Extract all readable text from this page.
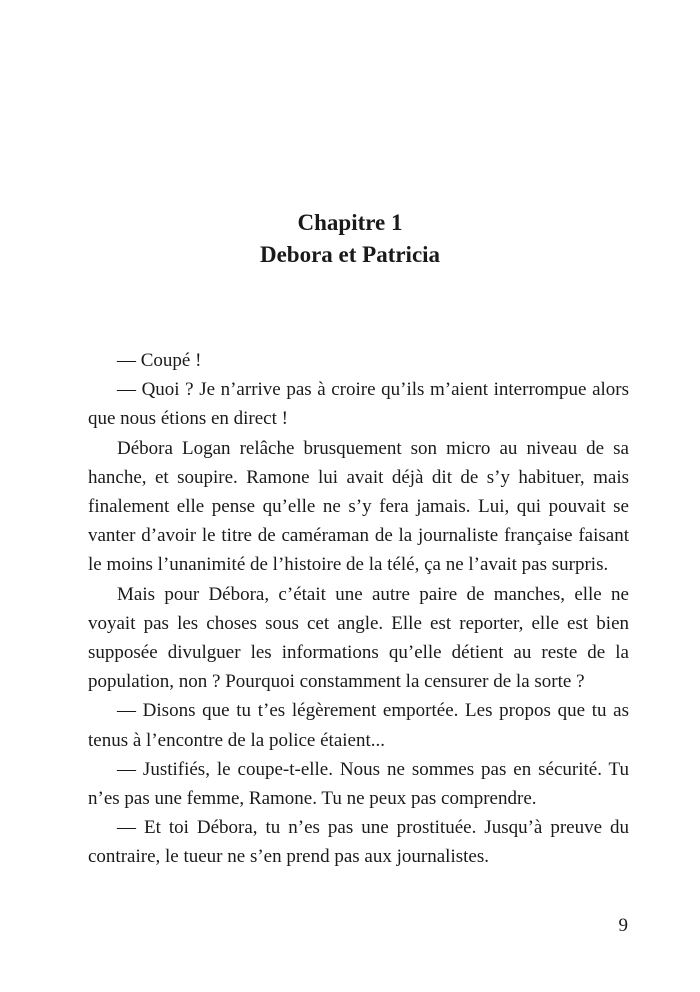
Chapitre 1
Debora et Patricia

— Coupé !

— Quoi ? Je n’arrive pas à croire qu’ils m’aient interrompue alors que nous étions en direct !

Débora Logan relâche brusquement son micro au niveau de sa hanche, et soupire. Ramone lui avait déjà dit de s’y habituer, mais finalement elle pense qu’elle ne s’y fera jamais. Lui, qui pouvait se vanter d’avoir le titre de caméraman de la journaliste française faisant le moins l’unanimité de l’histoire de la télé, ça ne l’avait pas surpris.

Mais pour Débora, c’était une autre paire de manches, elle ne voyait pas les choses sous cet angle. Elle est reporter, elle est bien supposée divulguer les informations qu’elle détient au reste de la population, non ? Pourquoi constamment la censurer de la sorte ?

— Disons que tu t’es légèrement emportée. Les propos que tu as tenus à l’encontre de la police étaient...

— Justifiés, le coupe-t-elle. Nous ne sommes pas en sécurité. Tu n’es pas une femme, Ramone. Tu ne peux pas comprendre.

— Et toi Débora, tu n’es pas une prostituée. Jusqu’à preuve du contraire, le tueur ne s’en prend pas aux journalistes.

9
